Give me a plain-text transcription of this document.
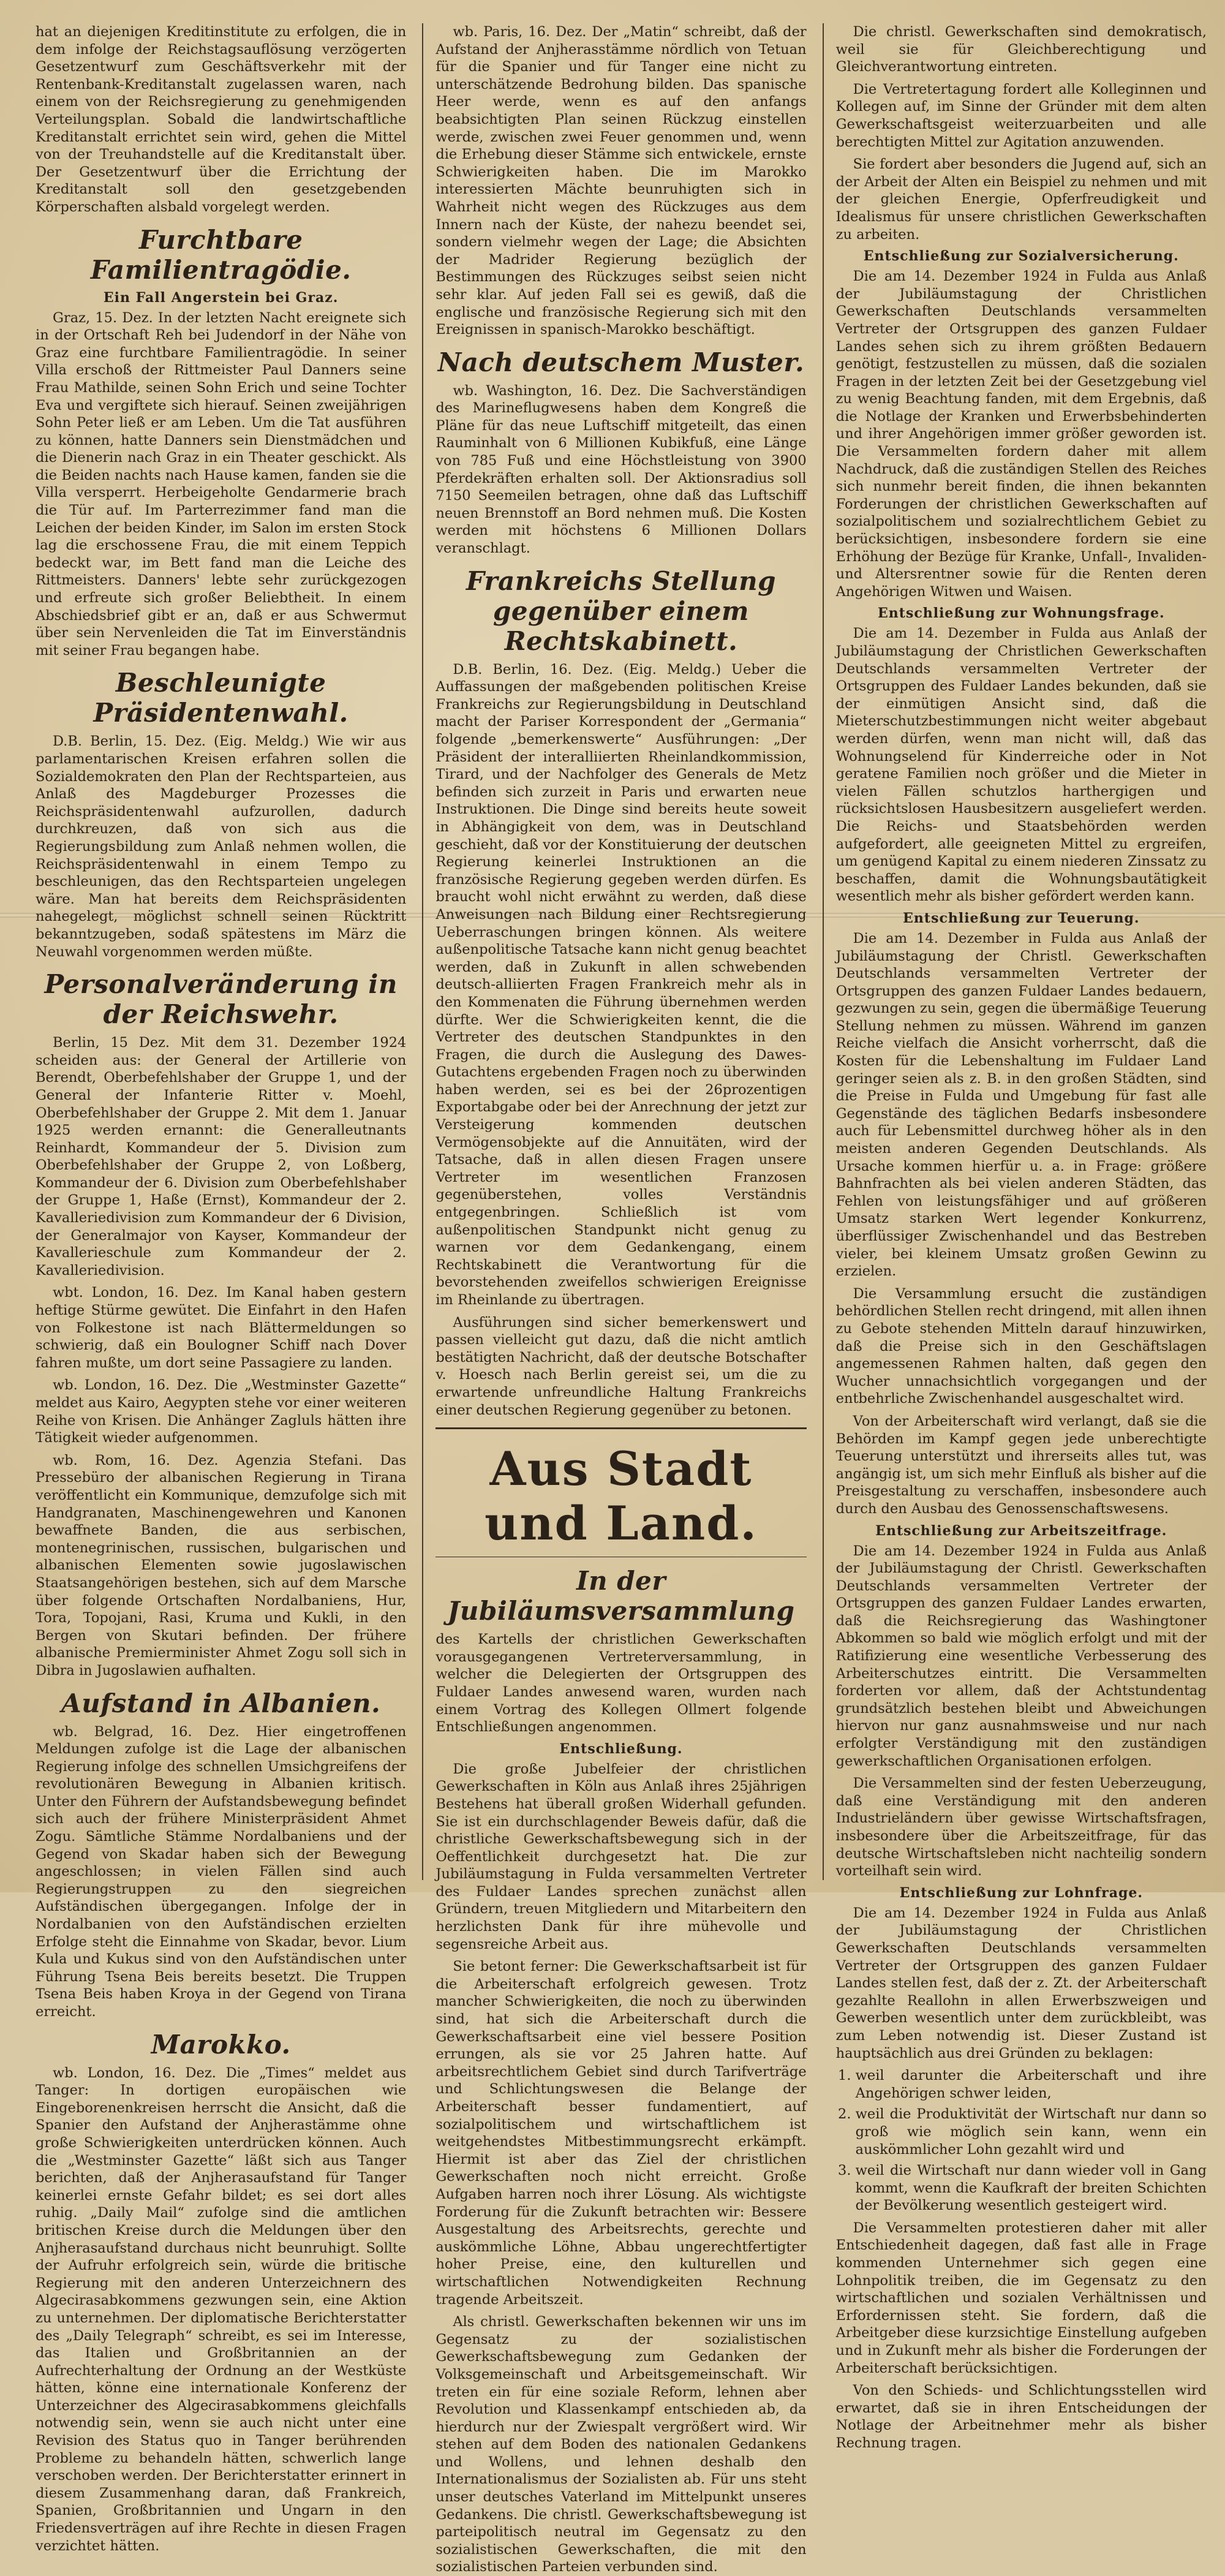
hat an diejenigen Kreditinstitute zu erfolgen, die in dem infolge der Reichstagsauflösung verzögerten Gesetzentwurf zum Geschäftsverkehr mit der Rentenbank-Kreditanstalt zugelassen waren, nach einem von der Reichsregierung zu genehmigenden Verteilungsplan. Sobald die landwirtschaftliche Kreditanstalt errichtet sein wird, gehen die Mittel von der Treuhandstelle auf die Kreditanstalt über. Der Gesetzentwurf über die Errichtung der Kreditanstalt soll den gesetzgebenden Körperschaften alsbald vorgelegt werden.

Furchtbare Familientragödie.
Ein Fall Angerstein bei Graz.

Graz, 15. Dez. In der letzten Nacht ereignete sich in der Ortschaft Reh bei Judendorf in der Nähe von Graz eine furchtbare Familientragödie. In seiner Villa erschoß der Rittmeister Paul Danners seine Frau Mathilde, seinen Sohn Erich und seine Tochter Eva und vergiftete sich hierauf. Seinen zweijährigen Sohn Peter ließ er am Leben. Um die Tat ausführen zu können, hatte Danners sein Dienstmädchen und die Dienerin nach Graz in ein Theater geschickt. Als die Beiden nachts nach Hause kamen, fanden sie die Villa versperrt. Herbeigeholte Gendarmerie brach die Tür auf. Im Parterrezimmer fand man die Leichen der beiden Kinder, im Salon im ersten Stock lag die erschossene Frau, die mit einem Teppich bedeckt war, im Bett fand man die Leiche des Rittmeisters. Danners' lebte sehr zurückgezogen und erfreute sich großer Beliebtheit. In einem Abschiedsbrief gibt er an, daß er aus Schwermut über sein Nervenleiden die Tat im Einverständnis mit seiner Frau begangen habe.

Beschleunigte Präsidentenwahl.

D.B. Berlin, 15. Dez. (Eig. Meldg.) Wie wir aus parlamentarischen Kreisen erfahren sollen die Sozialdemokraten den Plan der Rechtsparteien, aus Anlaß des Magdeburger Prozesses die Reichspräsidentenwahl aufzurollen, dadurch durchkreuzen, daß von sich aus die Regierungsbildung zum Anlaß nehmen wollen, die Reichspräsidentenwahl in einem Tempo zu beschleunigen, das den Rechtsparteien ungelegen wäre. Man hat bereits dem Reichspräsidenten nahegelegt, möglichst schnell seinen Rücktritt bekanntzugeben, sodaß spätestens im März die Neuwahl vorgenommen werden müßte.

Personalveränderung in der Reichswehr.

Berlin, 15 Dez. Mit dem 31. Dezember 1924 scheiden aus: der General der Artillerie von Berendt, Oberbefehlshaber der Gruppe 1, und der General der Infanterie Ritter v. Moehl, Oberbefehlshaber der Gruppe 2. Mit dem 1. Januar 1925 werden ernannt: die Generalleutnants Reinhardt, Kommandeur der 5. Division zum Oberbefehlshaber der Gruppe 2, von Loßberg, Kommandeur der 6. Division zum Oberbefehlshaber der Gruppe 1, Haße (Ernst), Kommandeur der 2. Kavalleriedivision zum Kommandeur der 6 Division, der Generalmajor von Kayser, Kommandeur der Kavallerieschule zum Kommandeur der 2. Kavalleriedivision.

wbt. London, 16. Dez. Im Kanal haben gestern heftige Stürme gewütet. Die Einfahrt in den Hafen von Folkestone ist nach Blättermeldungen so schwierig, daß ein Boulogner Schiff nach Dover fahren mußte, um dort seine Passagiere zu landen.

wb. London, 16. Dez. Die „Westminster Gazette“ meldet aus Kairo, Aegypten stehe vor einer weiteren Reihe von Krisen. Die Anhänger Zagluls hätten ihre Tätigkeit wieder aufgenommen.

wb. Rom, 16. Dez. Agenzia Stefani. Das Pressebüro der albanischen Regierung in Tirana veröffentlicht ein Kommunique, demzufolge sich mit Handgranaten, Maschinengewehren und Kanonen bewaffnete Banden, die aus serbischen, montenegrinischen, russischen, bulgarischen und albanischen Elementen sowie jugoslawischen Staatsangehörigen bestehen, sich auf dem Marsche über folgende Ortschaften Nordalbaniens, Hur, Tora, Topojani, Rasi, Kruma und Kukli, in den Bergen von Skutari befinden. Der frühere albanische Premierminister Ahmet Zogu soll sich in Dibra in Jugoslawien aufhalten.

Aufstand in Albanien.

wb. Belgrad, 16. Dez. Hier eingetroffenen Meldungen zufolge ist die Lage der albanischen Regierung infolge des schnellen Umsichgreifens der revolutionären Bewegung in Albanien kritisch. Unter den Führern der Aufstandsbewegung befindet sich auch der frühere Ministerpräsident Ahmet Zogu. Sämtliche Stämme Nordalbaniens und der Gegend von Skadar haben sich der Bewegung angeschlossen; in vielen Fällen sind auch Regierungstruppen zu den siegreichen Aufständischen übergegangen. Infolge der in Nordalbanien von den Aufständischen erzielten Erfolge steht die Einnahme von Skadar, bevor. Lium Kula und Kukus sind von den Aufständischen unter Führung Tsena Beis bereits besetzt. Die Truppen Tsena Beis haben Kroya in der Gegend von Tirana erreicht.

Marokko.

wb. London, 16. Dez. Die „Times“ meldet aus Tanger: In dortigen europäischen wie Eingeborenenkreisen herrscht die Ansicht, daß die Spanier den Aufstand der Anjherastämme ohne große Schwierigkeiten unterdrücken können. Auch die „Westminster Gazette“ läßt sich aus Tanger berichten, daß der Anjherasaufstand für Tanger keinerlei ernste Gefahr bildet; es sei dort alles ruhig. „Daily Mail“ zufolge sind die amtlichen britischen Kreise durch die Meldungen über den Anjherasaufstand durchaus nicht beunruhigt. Sollte der Aufruhr erfolgreich sein, würde die britische Regierung mit den anderen Unterzeichnern des Algecirasabkommens gezwungen sein, eine Aktion zu unternehmen. Der diplomatische Berichterstatter des „Daily Telegraph“ schreibt, es sei im Interesse, das Italien und Großbritannien an der Aufrechterhaltung der Ordnung an der Westküste hätten, könne eine internationale Konferenz der Unterzeichner des Algecirasabkommens gleichfalls notwendig sein, wenn sie auch nicht unter eine Revision des Status quo in Tanger berührenden Probleme zu behandeln hätten, schwerlich lange verschoben werden. Der Berichterstatter erinnert in diesem Zusammenhang daran, daß Frankreich, Spanien, Großbritannien und Ungarn in den Friedensverträgen auf ihre Rechte in diesen Fragen verzichtet hätten.

wb. Paris, 16. Dez. Der „Matin“ schreibt, daß der Aufstand der Anjherasstämme nördlich von Tetuan für die Spanier und für Tanger eine nicht zu unterschätzende Bedrohung bilden. Das spanische Heer werde, wenn es auf den anfangs beabsichtigten Plan seinen Rückzug einstellen werde, zwischen zwei Feuer genommen und, wenn die Erhebung dieser Stämme sich entwickele, ernste Schwierigkeiten haben. Die im Marokko interessierten Mächte beunruhigten sich in Wahrheit nicht wegen des Rückzuges aus dem Innern nach der Küste, der nahezu beendet sei, sondern vielmehr wegen der Lage; die Absichten der Madrider Regierung bezüglich der Bestimmungen des Rückzuges seibst seien nicht sehr klar. Auf jeden Fall sei es gewiß, daß die englische und französische Regierung sich mit den Ereignissen in spanisch-Marokko beschäftigt.

Nach deutschem Muster.

wb. Washington, 16. Dez. Die Sachverständigen des Marineflugwesens haben dem Kongreß die Pläne für das neue Luftschiff mitgeteilt, das einen Rauminhalt von 6 Millionen Kubikfuß, eine Länge von 785 Fuß und eine Höchstleistung von 3900 Pferdekräften erhalten soll. Der Aktionsradius soll 7150 Seemeilen betragen, ohne daß das Luftschiff neuen Brennstoff an Bord nehmen muß. Die Kosten werden mit höchstens 6 Millionen Dollars veranschlagt.

Frankreichs Stellung gegenüber einem Rechtskabinett.

D.B. Berlin, 16. Dez. (Eig. Meldg.) Ueber die Auffassungen der maßgebenden politischen Kreise Frankreichs zur Regierungsbildung in Deutschland macht der Pariser Korrespondent der „Germania“ folgende „bemerkenswerte“ Ausführungen: „Der Präsident der interalliierten Rheinlandkommission, Tirard, und der Nachfolger des Generals de Metz befinden sich zurzeit in Paris und erwarten neue Instruktionen. Die Dinge sind bereits heute soweit in Abhängigkeit von dem, was in Deutschland geschieht, daß vor der Konstituierung der deutschen Regierung keinerlei Instruktionen an die französische Regierung gegeben werden dürfen. Es braucht wohl nicht erwähnt zu werden, daß diese Anweisungen nach Bildung einer Rechtsregierung Ueberraschungen bringen können. Als weitere außenpolitische Tatsache kann nicht genug beachtet werden, daß in Zukunft in allen schwebenden deutsch-alliierten Fragen Frankreich mehr als in den Kommenaten die Führung übernehmen werden dürfte. Wer die Schwierigkeiten kennt, die die Vertreter des deutschen Standpunktes in den Fragen, die durch die Auslegung des Dawes-Gutachtens ergebenden Fragen noch zu überwinden haben werden, sei es bei der 26prozentigen Exportabgabe oder bei der Anrechnung der jetzt zur Versteigerung kommenden deutschen Vermögensobjekte auf die Annuitäten, wird der Tatsache, daß in allen diesen Fragen unsere Vertreter im wesentlichen Franzosen gegenüberstehen, volles Verständnis entgegenbringen. Schließlich ist vom außenpolitischen Standpunkt nicht genug zu warnen vor dem Gedankengang, einem Rechtskabinett die Verantwortung für die bevorstehenden zweifellos schwierigen Ereignisse im Rheinlande zu übertragen.

Ausführungen sind sicher bemerkenswert und passen vielleicht gut dazu, daß die nicht amtlich bestätigten Nachricht, daß der deutsche Botschafter v. Hoesch nach Berlin gereist sei, um die zu erwartende unfreundliche Haltung Frankreichs einer deutschen Regierung gegenüber zu betonen.

Aus Stadt und Land.
In der Jubiläumsversammlung

des Kartells der christlichen Gewerkschaften vorausgegangenen Vertreterversammlung, in welcher die Delegierten der Ortsgruppen des Fuldaer Landes anwesend waren, wurden nach einem Vortrag des Kollegen Ollmert folgende Entschließungen angenommen.

Entschließung.

Die große Jubelfeier der christlichen Gewerkschaften in Köln aus Anlaß ihres 25jährigen Bestehens hat überall großen Widerhall gefunden. Sie ist ein durchschlagender Beweis dafür, daß die christliche Gewerkschaftsbewegung sich in der Oeffentlichkeit durchgesetzt hat. Die zur Jubiläumstagung in Fulda versammelten Vertreter des Fuldaer Landes sprechen zunächst allen Gründern, treuen Mitgliedern und Mitarbeitern den herzlichsten Dank für ihre mühevolle und segensreiche Arbeit aus.

Sie betont ferner: Die Gewerkschaftsarbeit ist für die Arbeiterschaft erfolgreich gewesen. Trotz mancher Schwierigkeiten, die noch zu überwinden sind, hat sich die Arbeiterschaft durch die Gewerkschaftsarbeit eine viel bessere Position errungen, als sie vor 25 Jahren hatte. Auf arbeitsrechtlichem Gebiet sind durch Tarifverträge und Schlichtungswesen die Belange der Arbeiterschaft besser fundamentiert, auf sozialpolitischem und wirtschaftlichem ist weitgehendstes Mitbestimmungsrecht erkämpft. Hiermit ist aber das Ziel der christlichen Gewerkschaften noch nicht erreicht. Große Aufgaben harren noch ihrer Lösung. Als wichtigste Forderung für die Zukunft betrachten wir: Bessere Ausgestaltung des Arbeitsrechts, gerechte und auskömmliche Löhne, Abbau ungerechtfertigter hoher Preise, eine, den kulturellen und wirtschaftlichen Notwendigkeiten Rechnung tragende Arbeitszeit.

Als christl. Gewerkschaften bekennen wir uns im Gegensatz zu der sozialistischen Gewerkschaftsbewegung zum Gedanken der Volksgemeinschaft und Arbeitsgemeinschaft. Wir treten ein für eine soziale Reform, lehnen aber Revolution und Klassenkampf entschieden ab, da hierdurch nur der Zwiespalt vergrößert wird. Wir stehen auf dem Boden des nationalen Gedankens und Wollens, und lehnen deshalb den Internationalismus der Sozialisten ab. Für uns steht unser deutsches Vaterland im Mittelpunkt unseres Gedankens. Die christl. Gewerkschaftsbewegung ist parteipolitisch neutral im Gegensatz zu den sozialistischen Gewerkschaften, die mit den sozialistischen Parteien verbunden sind.

Die christl. Gewerkschaften sind demokratisch, weil sie für Gleichberechtigung und Gleichverantwortung eintreten.

Die Vertretertagung fordert alle Kolleginnen und Kollegen auf, im Sinne der Gründer mit dem alten Gewerkschaftsgeist weiterzuarbeiten und alle berechtigten Mittel zur Agitation anzuwenden.

Sie fordert aber besonders die Jugend auf, sich an der Arbeit der Alten ein Beispiel zu nehmen und mit der gleichen Energie, Opferfreudigkeit und Idealismus für unsere christlichen Gewerkschaften zu arbeiten.

Entschließung zur Sozialversicherung.

Die am 14. Dezember 1924 in Fulda aus Anlaß der Jubiläumstagung der Christlichen Gewerkschaften Deutschlands versammelten Vertreter der Ortsgruppen des ganzen Fuldaer Landes sehen sich zu ihrem größten Bedauern genötigt, festzustellen zu müssen, daß die sozialen Fragen in der letzten Zeit bei der Gesetzgebung viel zu wenig Beachtung fanden, mit dem Ergebnis, daß die Notlage der Kranken und Erwerbsbehinderten und ihrer Angehörigen immer größer geworden ist. Die Versammelten fordern daher mit allem Nachdruck, daß die zuständigen Stellen des Reiches sich nunmehr bereit finden, die ihnen bekannten Forderungen der christlichen Gewerkschaften auf sozialpolitischem und sozialrechtlichem Gebiet zu berücksichtigen, insbesondere fordern sie eine Erhöhung der Bezüge für Kranke, Unfall-, Invaliden- und Altersrentner sowie für die Renten deren Angehörigen Witwen und Waisen.

Entschließung zur Wohnungsfrage.

Die am 14. Dezember in Fulda aus Anlaß der Jubiläumstagung der Christlichen Gewerkschaften Deutschlands versammelten Vertreter der Ortsgruppen des Fuldaer Landes bekunden, daß sie der einmütigen Ansicht sind, daß die Mieterschutzbestimmungen nicht weiter abgebaut werden dürfen, wenn man nicht will, daß das Wohnungselend für Kinderreiche oder in Not geratene Familien noch größer und die Mieter in vielen Fällen schutzlos harthergigen und rücksichtslosen Hausbesitzern ausgeliefert werden. Die Reichs- und Staatsbehörden werden aufgefordert, alle geeigneten Mittel zu ergreifen, um genügend Kapital zu einem niederen Zinssatz zu beschaffen, damit die Wohnungsbautätigkeit wesentlich mehr als bisher gefördert werden kann.

Entschließung zur Teuerung.

Die am 14. Dezember in Fulda aus Anlaß der Jubiläumstagung der Christl. Gewerkschaften Deutschlands versammelten Vertreter der Ortsgruppen des ganzen Fuldaer Landes bedauern, gezwungen zu sein, gegen die übermäßige Teuerung Stellung nehmen zu müssen. Während im ganzen Reiche vielfach die Ansicht vorherrscht, daß die Kosten für die Lebenshaltung im Fuldaer Land geringer seien als z. B. in den großen Städten, sind die Preise in Fulda und Umgebung für fast alle Gegenstände des täglichen Bedarfs insbesondere auch für Lebensmittel durchweg höher als in den meisten anderen Gegenden Deutschlands. Als Ursache kommen hierfür u. a. in Frage: größere Bahnfrachten als bei vielen anderen Städten, das Fehlen von leistungsfähiger und auf größeren Umsatz starken Wert legender Konkurrenz, überflüssiger Zwischenhandel und das Bestreben vieler, bei kleinem Umsatz großen Gewinn zu erzielen.

Die Versammlung ersucht die zuständigen behördlichen Stellen recht dringend, mit allen ihnen zu Gebote stehenden Mitteln darauf hinzuwirken, daß die Preise sich in den Geschäftslagen angemessenen Rahmen halten, daß gegen den Wucher unnachsichtlich vorgegangen und der entbehrliche Zwischenhandel ausgeschaltet wird.

Von der Arbeiterschaft wird verlangt, daß sie die Behörden im Kampf gegen jede unberechtigte Teuerung unterstützt und ihrerseits alles tut, was angängig ist, um sich mehr Einfluß als bisher auf die Preisgestaltung zu verschaffen, insbesondere auch durch den Ausbau des Genossenschaftswesens.

Entschließung zur Arbeitszeitfrage.

Die am 14. Dezember 1924 in Fulda aus Anlaß der Jubiläumstagung der Christl. Gewerkschaften Deutschlands versammelten Vertreter der Ortsgruppen des ganzen Fuldaer Landes erwarten, daß die Reichsregierung das Washingtoner Abkommen so bald wie möglich erfolgt und mit der Ratifizierung eine wesentliche Verbesserung des Arbeiterschutzes eintritt. Die Versammelten forderten vor allem, daß der Achtstundentag grundsätzlich bestehen bleibt und Abweichungen hiervon nur ganz ausnahmsweise und nur nach erfolgter Verständigung mit den zuständigen gewerkschaftlichen Organisationen erfolgen.

Die Versammelten sind der festen Ueberzeugung, daß eine Verständigung mit den anderen Industrieländern über gewisse Wirtschaftsfragen, insbesondere über die Arbeitszeitfrage, für das deutsche Wirtschaftsleben nicht nachteilig sondern vorteilhaft sein wird.

Entschließung zur Lohnfrage.

Die am 14. Dezember 1924 in Fulda aus Anlaß der Jubiläumstagung der Christlichen Gewerkschaften Deutschlands versammelten Vertreter der Ortsgruppen des ganzen Fuldaer Landes stellen fest, daß der z. Zt. der Arbeiterschaft gezahlte Reallohn in allen Erwerbszweigen und Gewerben wesentlich unter dem zurückbleibt, was zum Leben notwendig ist. Dieser Zustand ist hauptsächlich aus drei Gründen zu beklagen:

1. weil darunter die Arbeiterschaft und ihre Angehörigen schwer leiden,
2. weil die Produktivität der Wirtschaft nur dann so groß wie möglich sein kann, wenn ein auskömmlicher Lohn gezahlt wird und
3. weil die Wirtschaft nur dann wieder voll in Gang kommt, wenn die Kaufkraft der breiten Schichten der Bevölkerung wesentlich gesteigert wird.

Die Versammelten protestieren daher mit aller Entschiedenheit dagegen, daß fast alle in Frage kommenden Unternehmer sich gegen eine Lohnpolitik treiben, die im Gegensatz zu den wirtschaftlichen und sozialen Verhältnissen und Erfordernissen steht. Sie fordern, daß die Arbeitgeber diese kurzsichtige Einstellung aufgeben und in Zukunft mehr als bisher die Forderungen der Arbeiterschaft berücksichtigen.

Von den Schieds- und Schlichtungsstellen wird erwartet, daß sie in ihren Entscheidungen der Notlage der Arbeitnehmer mehr als bisher Rechnung tragen.
